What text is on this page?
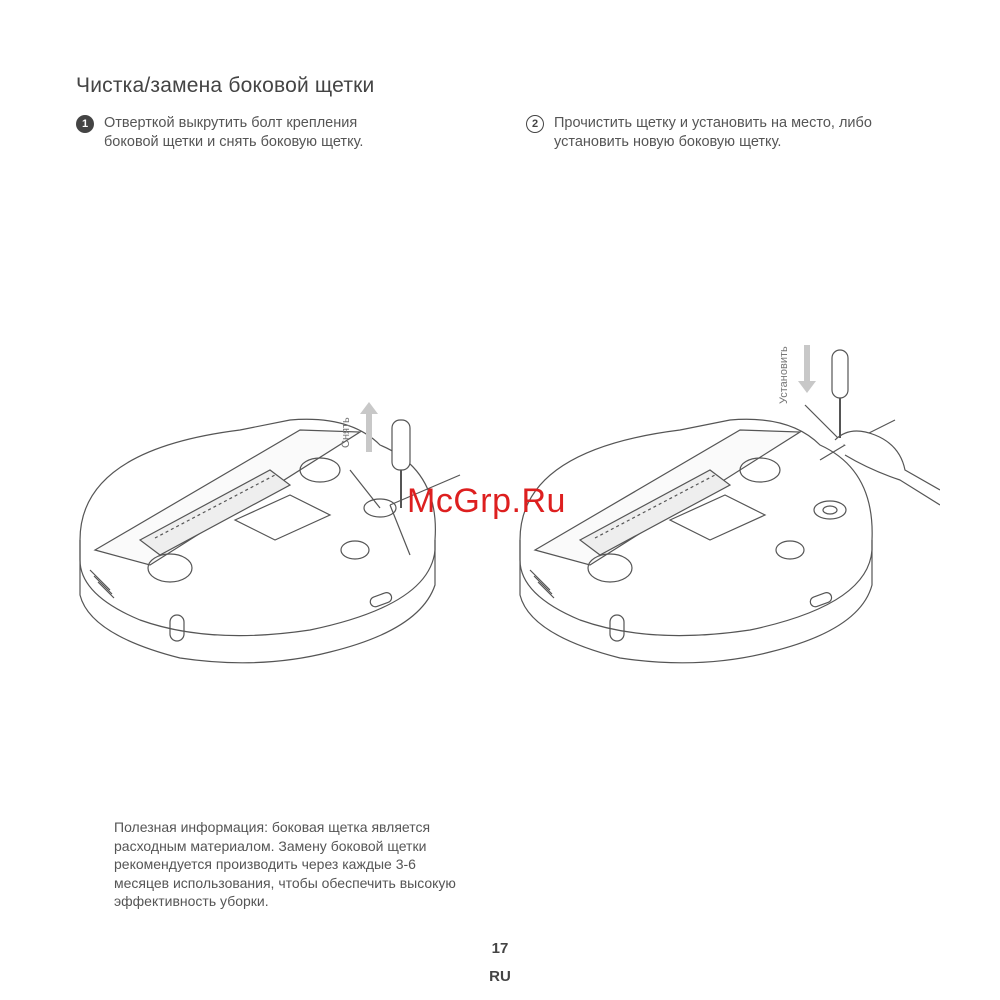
Чистка/замена боковой щетки
1	Отверткой выкрутить болт крепления
боковой щетки и снять боковую щетку.
2	Прочистить щетку и установить на место, либо
установить новую боковую щетку.
Снять
Установить
McGrp.Ru
Полезная информация: боковая щетка является
расходным материалом. Замену боковой щетки
рекомендуется производить через каждые 3-6
месяцев использования, чтобы обеспечить высокую
эффективность уборки.
17
RU
